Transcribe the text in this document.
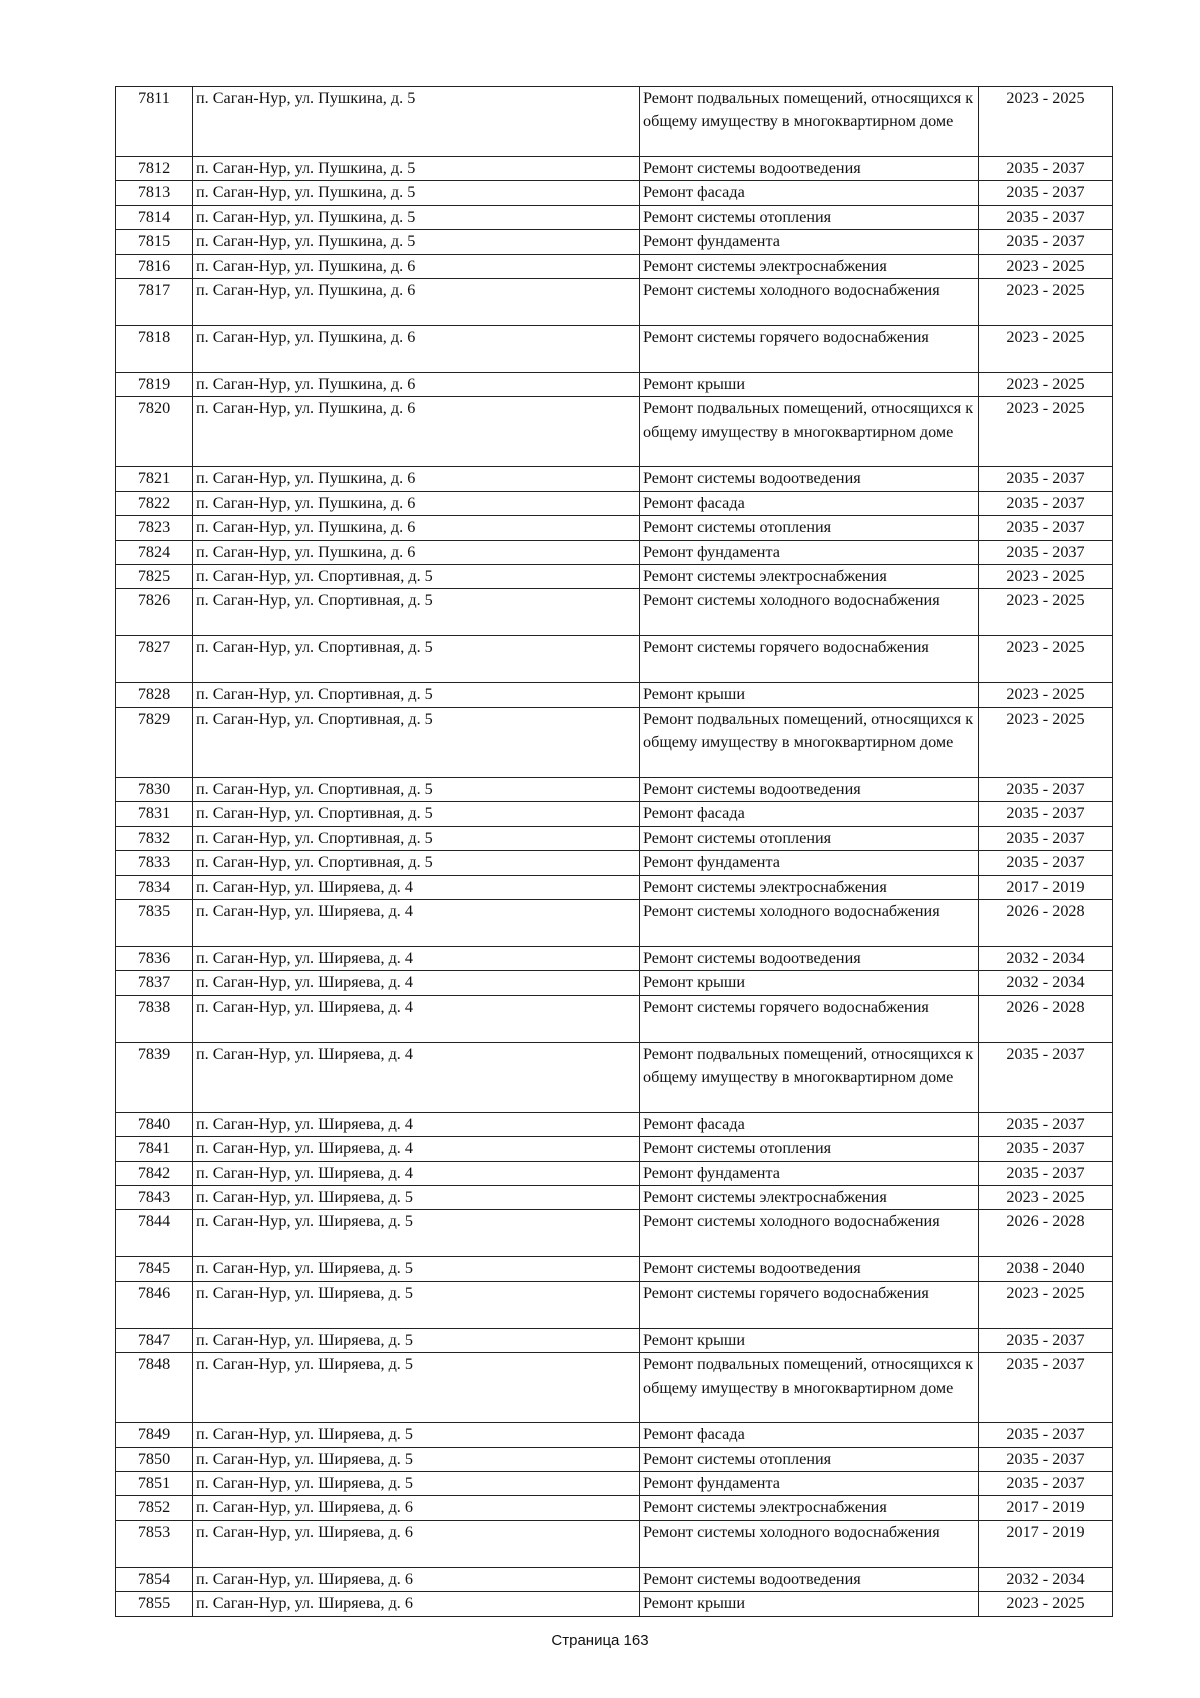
7811	п. Саган-Нур, ул. Пушкина, д. 5	Ремонт подвальных помещений, относящихся к общему имуществу в многоквартирном доме	2023 - 2025
7812	п. Саган-Нур, ул. Пушкина, д. 5	Ремонт системы водоотведения	2035 - 2037
7813	п. Саган-Нур, ул. Пушкина, д. 5	Ремонт фасада	2035 - 2037
7814	п. Саган-Нур, ул. Пушкина, д. 5	Ремонт системы отопления	2035 - 2037
7815	п. Саган-Нур, ул. Пушкина, д. 5	Ремонт фундамента	2035 - 2037
7816	п. Саган-Нур, ул. Пушкина, д. 6	Ремонт системы электроснабжения	2023 - 2025
7817	п. Саган-Нур, ул. Пушкина, д. 6	Ремонт системы холодного водоснабжения	2023 - 2025
7818	п. Саган-Нур, ул. Пушкина, д. 6	Ремонт системы горячего водоснабжения	2023 - 2025
7819	п. Саган-Нур, ул. Пушкина, д. 6	Ремонт крыши	2023 - 2025
7820	п. Саган-Нур, ул. Пушкина, д. 6	Ремонт подвальных помещений, относящихся к общему имуществу в многоквартирном доме	2023 - 2025
7821	п. Саган-Нур, ул. Пушкина, д. 6	Ремонт системы водоотведения	2035 - 2037
7822	п. Саган-Нур, ул. Пушкина, д. 6	Ремонт фасада	2035 - 2037
7823	п. Саган-Нур, ул. Пушкина, д. 6	Ремонт системы отопления	2035 - 2037
7824	п. Саган-Нур, ул. Пушкина, д. 6	Ремонт фундамента	2035 - 2037
7825	п. Саган-Нур, ул. Спортивная, д. 5	Ремонт системы электроснабжения	2023 - 2025
7826	п. Саган-Нур, ул. Спортивная, д. 5	Ремонт системы холодного водоснабжения	2023 - 2025
7827	п. Саган-Нур, ул. Спортивная, д. 5	Ремонт системы горячего водоснабжения	2023 - 2025
7828	п. Саган-Нур, ул. Спортивная, д. 5	Ремонт крыши	2023 - 2025
7829	п. Саган-Нур, ул. Спортивная, д. 5	Ремонт подвальных помещений, относящихся к общему имуществу в многоквартирном доме	2023 - 2025
7830	п. Саган-Нур, ул. Спортивная, д. 5	Ремонт системы водоотведения	2035 - 2037
7831	п. Саган-Нур, ул. Спортивная, д. 5	Ремонт фасада	2035 - 2037
7832	п. Саган-Нур, ул. Спортивная, д. 5	Ремонт системы отопления	2035 - 2037
7833	п. Саган-Нур, ул. Спортивная, д. 5	Ремонт фундамента	2035 - 2037
7834	п. Саган-Нур, ул. Ширяева, д. 4	Ремонт системы электроснабжения	2017 - 2019
7835	п. Саган-Нур, ул. Ширяева, д. 4	Ремонт системы холодного водоснабжения	2026 - 2028
7836	п. Саган-Нур, ул. Ширяева, д. 4	Ремонт системы водоотведения	2032 - 2034
7837	п. Саган-Нур, ул. Ширяева, д. 4	Ремонт крыши	2032 - 2034
7838	п. Саган-Нур, ул. Ширяева, д. 4	Ремонт системы горячего водоснабжения	2026 - 2028
7839	п. Саган-Нур, ул. Ширяева, д. 4	Ремонт подвальных помещений, относящихся к общему имуществу в многоквартирном доме	2035 - 2037
7840	п. Саган-Нур, ул. Ширяева, д. 4	Ремонт фасада	2035 - 2037
7841	п. Саган-Нур, ул. Ширяева, д. 4	Ремонт системы отопления	2035 - 2037
7842	п. Саган-Нур, ул. Ширяева, д. 4	Ремонт фундамента	2035 - 2037
7843	п. Саган-Нур, ул. Ширяева, д. 5	Ремонт системы электроснабжения	2023 - 2025
7844	п. Саган-Нур, ул. Ширяева, д. 5	Ремонт системы холодного водоснабжения	2026 - 2028
7845	п. Саган-Нур, ул. Ширяева, д. 5	Ремонт системы водоотведения	2038 - 2040
7846	п. Саган-Нур, ул. Ширяева, д. 5	Ремонт системы горячего водоснабжения	2023 - 2025
7847	п. Саган-Нур, ул. Ширяева, д. 5	Ремонт крыши	2035 - 2037
7848	п. Саган-Нур, ул. Ширяева, д. 5	Ремонт подвальных помещений, относящихся к общему имуществу в многоквартирном доме	2035 - 2037
7849	п. Саган-Нур, ул. Ширяева, д. 5	Ремонт фасада	2035 - 2037
7850	п. Саган-Нур, ул. Ширяева, д. 5	Ремонт системы отопления	2035 - 2037
7851	п. Саган-Нур, ул. Ширяева, д. 5	Ремонт фундамента	2035 - 2037
7852	п. Саган-Нур, ул. Ширяева, д. 6	Ремонт системы электроснабжения	2017 - 2019
7853	п. Саган-Нур, ул. Ширяева, д. 6	Ремонт системы холодного водоснабжения	2017 - 2019
7854	п. Саган-Нур, ул. Ширяева, д. 6	Ремонт системы водоотведения	2032 - 2034
7855	п. Саган-Нур, ул. Ширяева, д. 6	Ремонт крыши	2023 - 2025
Страница 163
